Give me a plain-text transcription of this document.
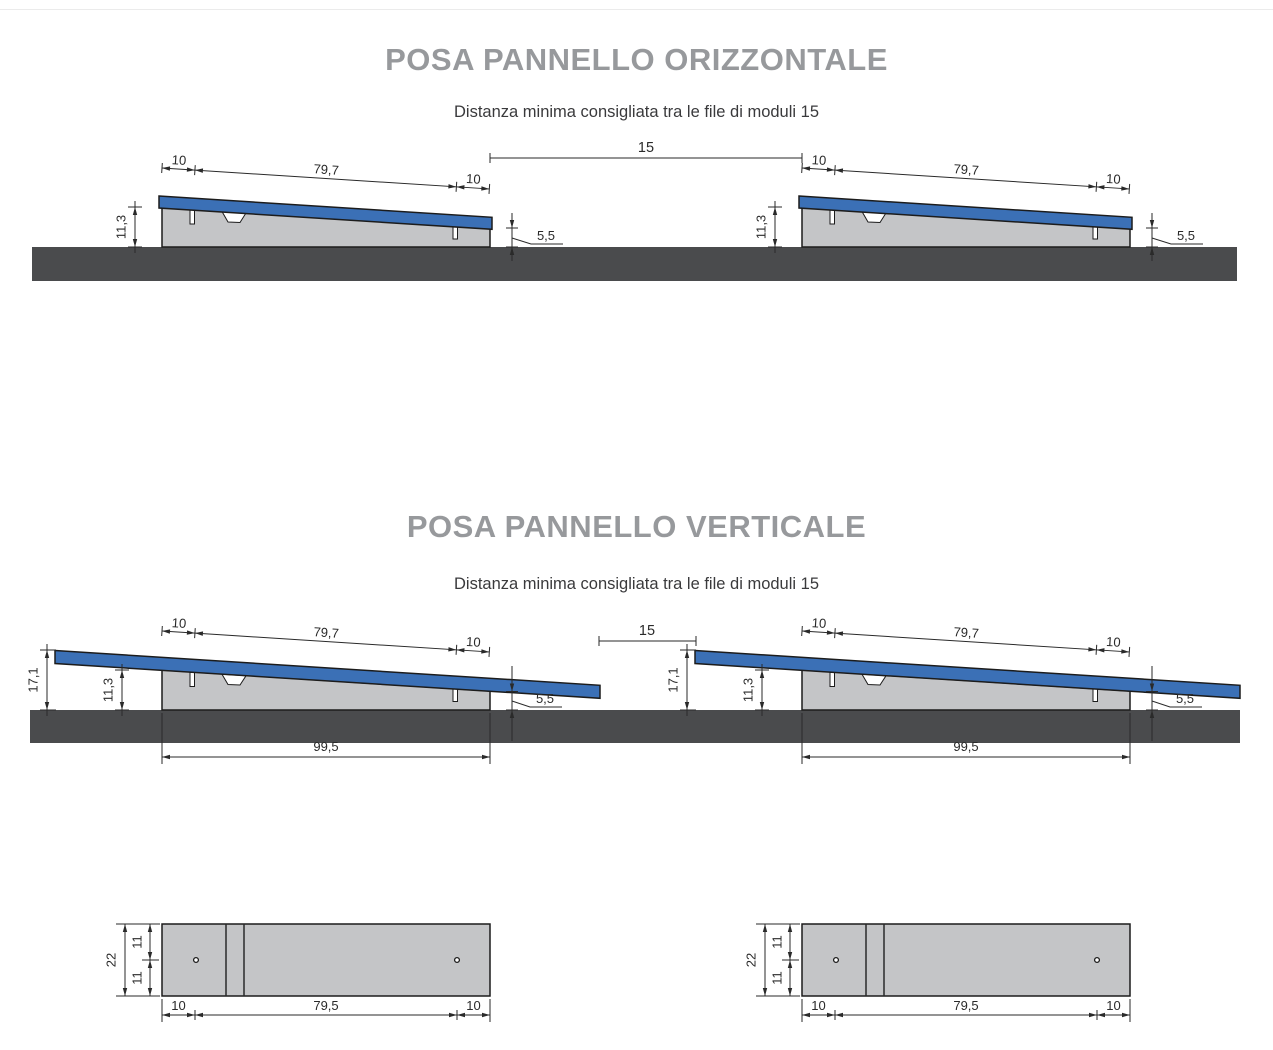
POSA PANNELLO ORIZZONTALE
Distanza minima consigliata tra le file di moduli 15
POSA PANNELLO VERTICALE
Distanza minima consigliata tra le file di moduli 15
15
15
